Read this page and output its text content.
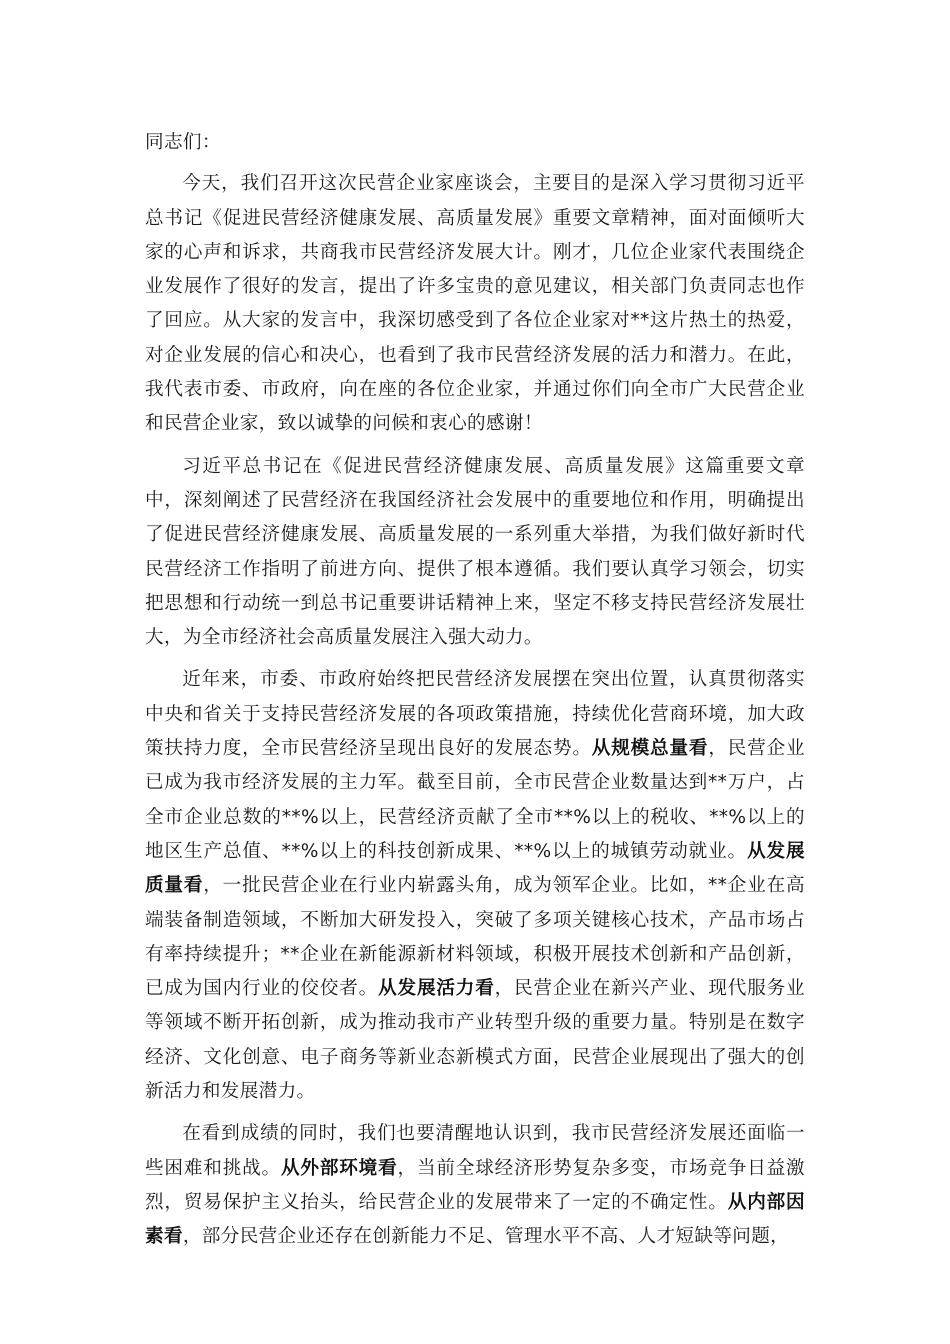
同志们：

今天，我们召开这次民营企业家座谈会，主要目的是深入学习贯彻习近平总书记《促进民营经济健康发展、高质量发展》重要文章精神，面对面倾听大家的心声和诉求，共商我市民营经济发展大计。刚才，几位企业家代表围绕企业发展作了很好的发言，提出了许多宝贵的意见建议，相关部门负责同志也作了回应。从大家的发言中，我深切感受到了各位企业家对**这片热土的热爱，对企业发展的信心和决心，也看到了我市民营经济发展的活力和潜力。在此，我代表市委、市政府，向在座的各位企业家，并通过你们向全市广大民营企业和民营企业家，致以诚挚的问候和衷心的感谢！

习近平总书记在《促进民营经济健康发展、高质量发展》这篇重要文章中，深刻阐述了民营经济在我国经济社会发展中的重要地位和作用，明确提出了促进民营经济健康发展、高质量发展的一系列重大举措，为我们做好新时代民营经济工作指明了前进方向、提供了根本遵循。我们要认真学习领会，切实把思想和行动统一到总书记重要讲话精神上来，坚定不移支持民营经济发展壮大，为全市经济社会高质量发展注入强大动力。

近年来，市委、市政府始终把民营经济发展摆在突出位置，认真贯彻落实中央和省关于支持民营经济发展的各项政策措施，持续优化营商环境，加大政策扶持力度，全市民营经济呈现出良好的发展态势。从规模总量看，民营企业已成为我市经济发展的主力军。截至目前，全市民营企业数量达到**万户，占全市企业总数的**%以上，民营经济贡献了全市**%以上的税收、**%以上的地区生产总值、**%以上的科技创新成果、**%以上的城镇劳动就业。从发展质量看，一批民营企业在行业内崭露头角，成为领军企业。比如，**企业在高端装备制造领域，不断加大研发投入，突破了多项关键核心技术，产品市场占有率持续提升；**企业在新能源新材料领域，积极开展技术创新和产品创新，已成为国内行业的佼佼者。从发展活力看，民营企业在新兴产业、现代服务业等领域不断开拓创新，成为推动我市产业转型升级的重要力量。特别是在数字经济、文化创意、电子商务等新业态新模式方面，民营企业展现出了强大的创新活力和发展潜力。

在看到成绩的同时，我们也要清醒地认识到，我市民营经济发展还面临一些困难和挑战。从外部环境看，当前全球经济形势复杂多变，市场竞争日益激烈，贸易保护主义抬头，给民营企业的发展带来了一定的不确定性。从内部因素看，部分民营企业还存在创新能力不足、管理水平不高、人才短缺等问题，
